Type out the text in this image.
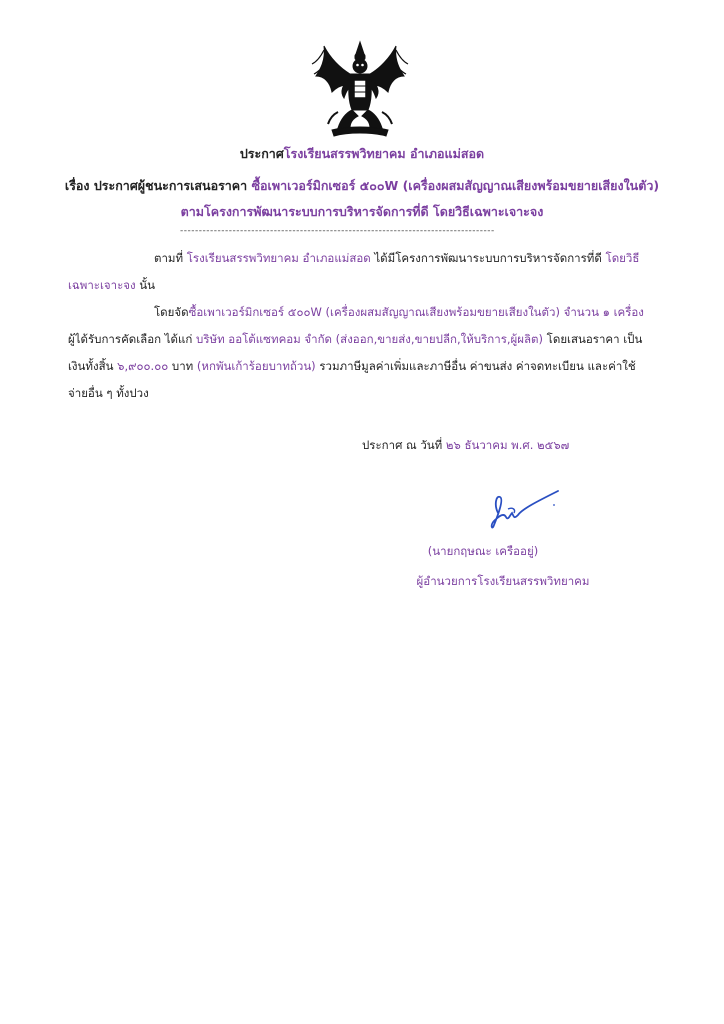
ประกาศโรงเรียนสรรพวิทยาคม อำเภอแม่สอด
เรื่อง ประกาศผู้ชนะการเสนอราคา ซื้อเพาเวอร์มิกเซอร์ ๕๐๐W (เครื่องผสมสัญญาณเสียงพร้อมขยายเสียงในตัว) ตามโครงการพัฒนาระบบการบริหารจัดการที่ดี โดยวิธีเฉพาะเจาะจง
------------------------------------------------------------------------------------
ตามที่ โรงเรียนสรรพวิทยาคม อำเภอแม่สอด ได้มีโครงการพัฒนาระบบการบริหารจัดการที่ดี โดยวิธีเฉพาะเจาะจง นั้น
โดยจัดซื้อเพาเวอร์มิกเซอร์ ๕๐๐W (เครื่องผสมสัญญาณเสียงพร้อมขยายเสียงในตัว) จำนวน ๑ เครื่อง ผู้ได้รับการคัดเลือก ได้แก่ บริษัท ออโต้แซทคอม จำกัด (ส่งออก,ขายส่ง,ขายปลีก,ให้บริการ,ผู้ผลิต) โดยเสนอราคา เป็นเงินทั้งสิ้น ๖,๙๐๐.๐๐ บาท (หกพันเก้าร้อยบาทถ้วน) รวมภาษีมูลค่าเพิ่มและภาษีอื่น ค่าขนส่ง ค่าจดทะเบียน และค่าใช้จ่ายอื่น ๆ ทั้งปวง
ประกาศ ณ วันที่ ๒๖ ธันวาคม พ.ศ. ๒๕๖๗
(นายกฤษณะ เครืออยู่)
ผู้อำนวยการโรงเรียนสรรพวิทยาคม
